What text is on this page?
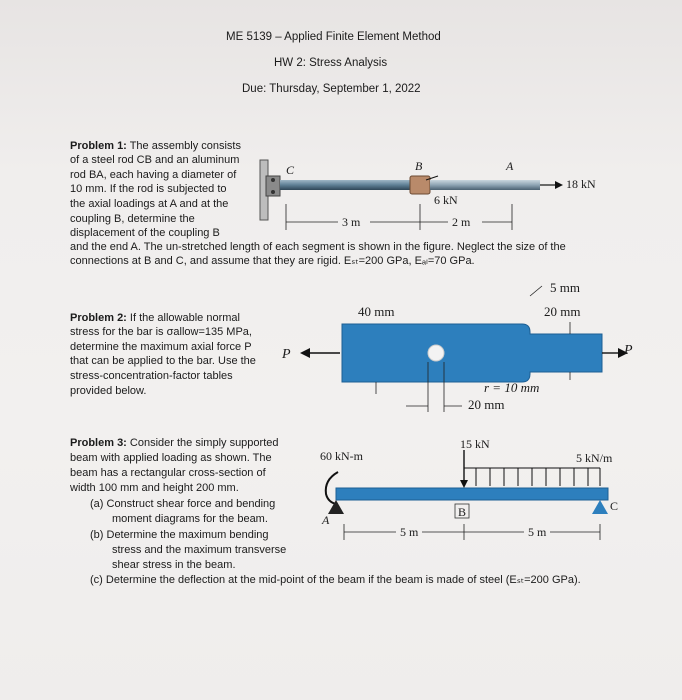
ME 5139 – Applied Finite Element Method
HW 2: Stress Analysis
Due: Thursday, September 1, 2022
Problem 1: The assembly consists
of a steel rod CB and an aluminum
rod BA, each having a diameter of
10 mm. If the rod is subjected to
the axial loadings at A and at the
coupling B, determine the
displacement of the coupling B
and the end A. The un-stretched length of each segment is shown in the figure. Neglect the size of the
connections at B and C, and assume that they are rigid. Eₛₜ=200 GPa, Eₐₗ=70 GPa.
C	B	A
18 kN
6 kN
3 m	2 m
Problem 2: If the allowable normal
stress for the bar is σallow=135 MPa,
determine the maximum axial force P
that can be applied to the bar. Use the
stress-concentration-factor tables
provided below.
P	P
40 mm	20 mm
5 mm
r = 10 mm
20 mm
Problem 3: Consider the simply supported
beam with applied loading as shown. The
beam has a rectangular cross-section of
width 100 mm and height 200 mm.
(a) Construct shear force and bending
moment diagrams for the beam.
(b) Determine the maximum bending
stress and the maximum transverse
shear stress in the beam.
(c) Determine the deflection at the mid-point of the beam if the beam is made of steel (Eₛₜ=200 GPa).
60 kN-m
15 kN
5 kN/m
A
B	C
5 m	5 m
